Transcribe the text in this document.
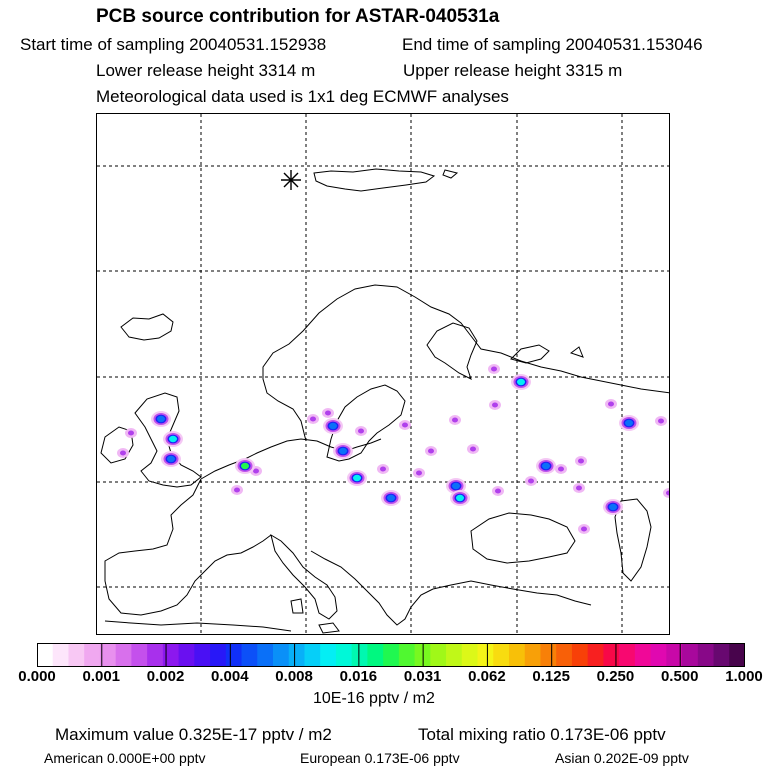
PCB source contribution for ASTAR-040531a
Start time of sampling 20040531.152938	End time of sampling 20040531.153046
Lower release height 3314 m	Upper release height 3315 m
Meteorological data used is 1x1 deg ECMWF analyses
0.000 0.001 0.002 0.004 0.008 0.016 0.031 0.062 0.125 0.250 0.500 1.000
10E-16 pptv / m2
Maximum value 0.325E-17 pptv / m2	Total mixing ratio 0.173E-06 pptv
American 0.000E+00 pptv	European 0.173E-06 pptv	Asian 0.202E-09 pptv
